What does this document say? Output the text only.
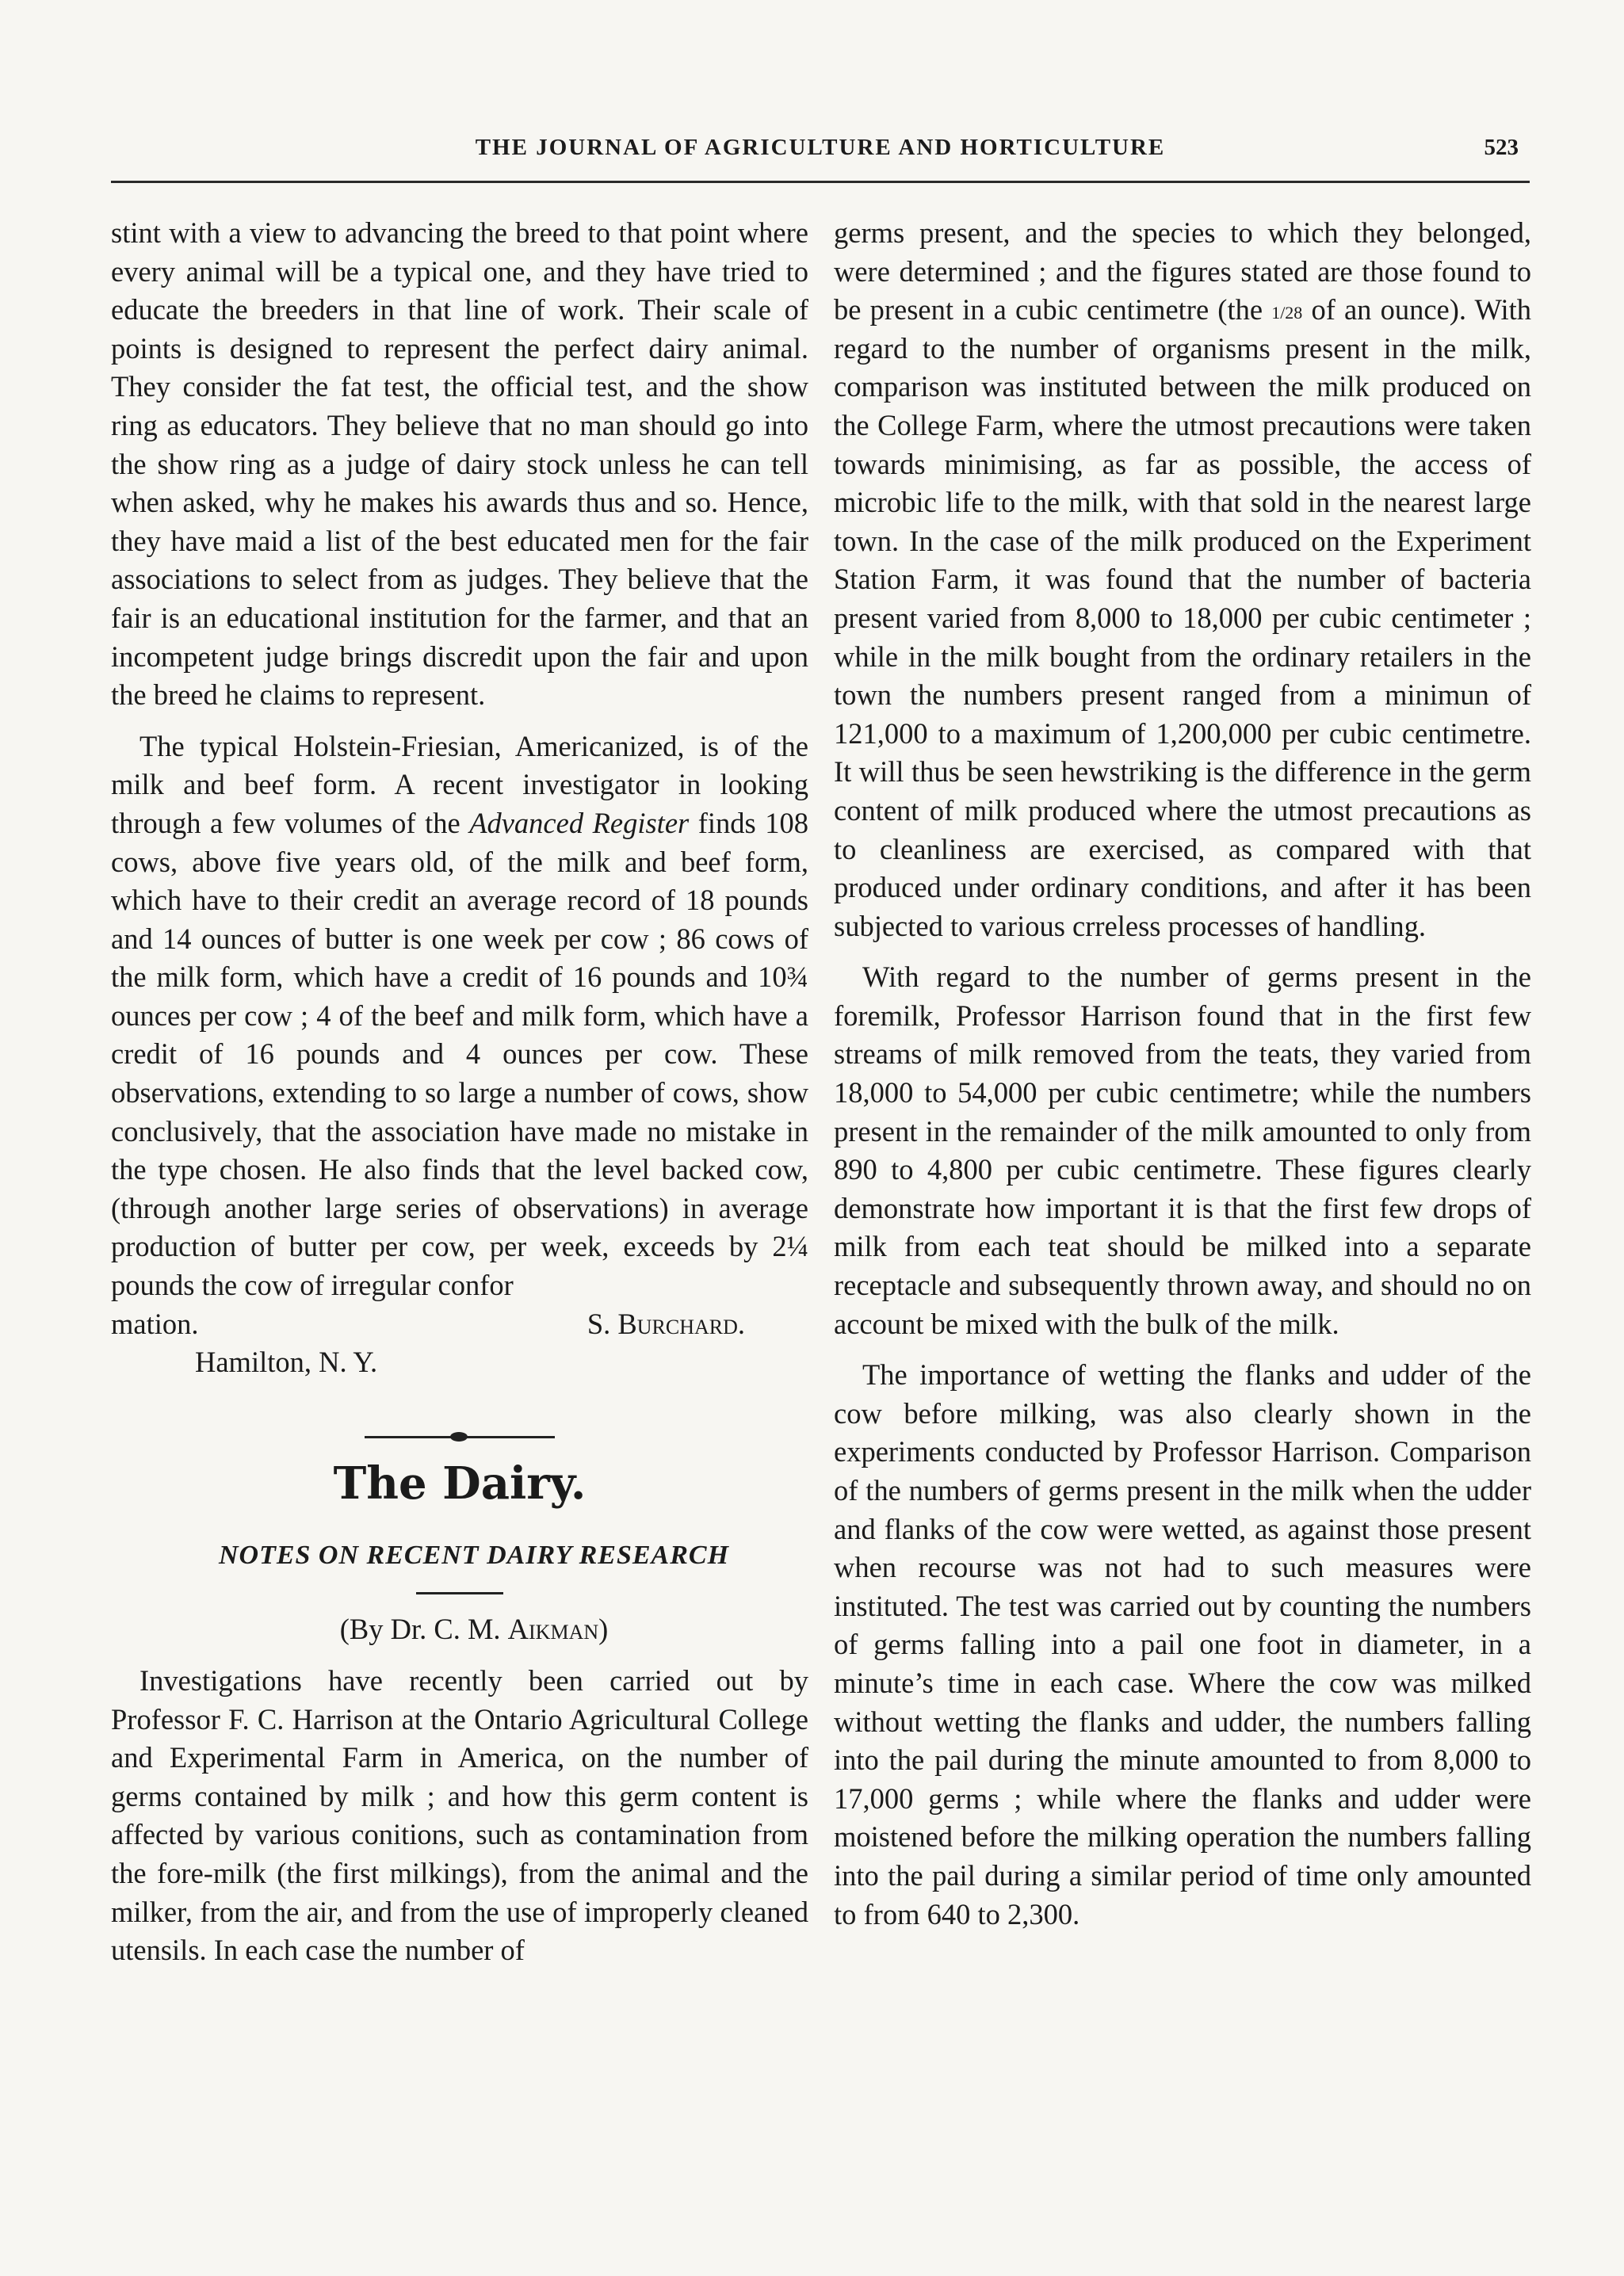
THE JOURNAL OF AGRICULTURE AND HORTICULTURE	523

stint with a view to advancing the breed to that point where every animal will be a typical one, and they have tried to educate the breeders in that line of work. Their scale of points is designed to represent the perfect dairy animal. They consider the fat test, the official test, and the show ring as educators. They believe that no man should go into the show ring as a judge of dairy stock unless he can tell when asked, why he makes his awards thus and so. Hence, they have maid a list of the best educated men for the fair associations to select from as judges. They believe that the fair is an educational institution for the farmer, and that an incompetent judge brings discredit upon the fair and upon the breed he claims to represent.

The typical Holstein-Friesian, Americanized, is of the milk and beef form. A recent investigator in looking through a few volumes of the Advanced Register finds 108 cows, above five years old, of the milk and beef form, which have to their credit an average record of 18 pounds and 14 ounces of butter is one week per cow ; 86 cows of the milk form, which have a credit of 16 pounds and 10¾ ounces per cow ; 4 of the beef and milk form, which have a credit of 16 pounds and 4 ounces per cow. These observations, extending to so large a number of cows, show conclusively, that the association have made no mistake in the type chosen. He also finds that the level backed cow, (through another large series of observations) in average production of butter per cow, per week, exceeds by 2¼ pounds the cow of irregular confor

mation.	S. Burchard.

Hamilton, N. Y.

The Dairy.

NOTES ON RECENT DAIRY RESEARCH

(By Dr. C. M. Aikman)

Investigations have recently been carried out by Professor F. C. Harrison at the Ontario Agricultural College and Experimental Farm in America, on the number of germs contained by milk ; and how this germ content is affected by various conitions, such as contamination from the fore-milk (the first milkings), from the animal and the milker, from the air, and from the use of improperly cleaned utensils. In each case the number of

germs present, and the species to which they belonged, were determined ; and the figures stated are those found to be present in a cubic centimetre (the 1/28 of an ounce). With regard to the number of organisms present in the milk, comparison was instituted between the milk produced on the College Farm, where the utmost precautions were taken towards minimising, as far as possible, the access of microbic life to the milk, with that sold in the nearest large town. In the case of the milk produced on the Experiment Station Farm, it was found that the number of bacteria present varied from 8,000 to 18,000 per cubic centimeter ; while in the milk bought from the ordinary retailers in the town the numbers present ranged from a minimun of 121,000 to a maximum of 1,200,000 per cubic centimetre. It will thus be seen hewstriking is the difference in the germ content of milk produced where the utmost precautions as to cleanliness are exercised, as compared with that produced under ordinary conditions, and after it has been subjected to various crreless processes of handling.

With regard to the number of germs present in the foremilk, Professor Harrison found that in the first few streams of milk removed from the teats, they varied from 18,000 to 54,000 per cubic centimetre; while the numbers present in the remainder of the milk amounted to only from 890 to 4,800 per cubic centimetre. These figures clearly demonstrate how important it is that the first few drops of milk from each teat should be milked into a separate receptacle and subsequently thrown away, and should no on account be mixed with the bulk of the milk.

The importance of wetting the flanks and udder of the cow before milking, was also clearly shown in the experiments conducted by Professor Harrison. Comparison of the numbers of germs present in the milk when the udder and flanks of the cow were wetted, as against those present when recourse was not had to such measures were instituted. The test was carried out by counting the numbers of germs falling into a pail one foot in diameter, in a minute’s time in each case. Where the cow was milked without wetting the flanks and udder, the numbers falling into the pail during the minute amounted to from 8,000 to 17,000 germs ; while where the flanks and udder were moistened before the milking operation the numbers falling into the pail during a similar period of time only amounted to from 640 to 2,300.
